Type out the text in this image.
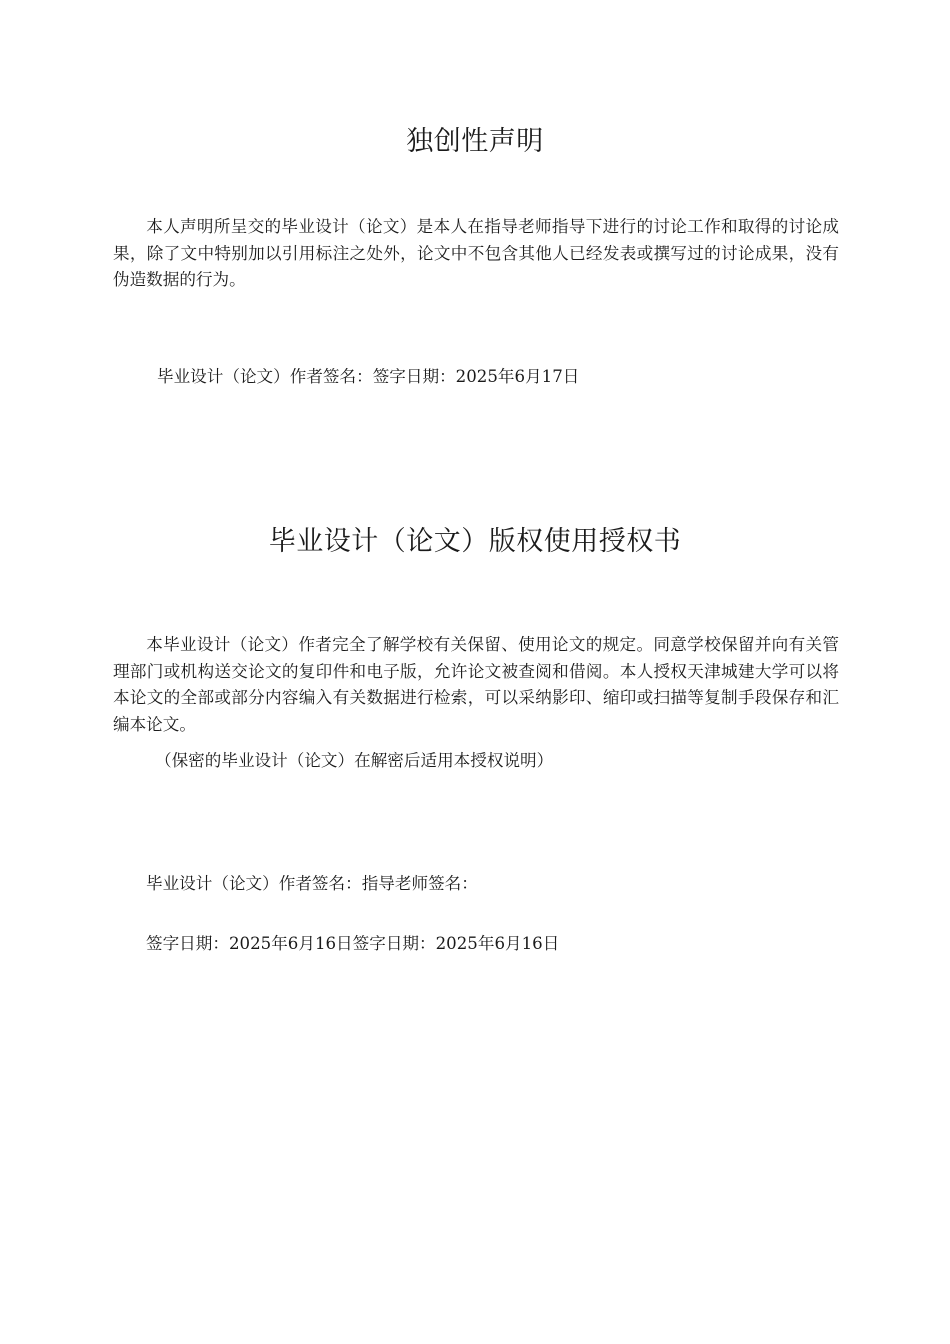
独创性声明

本人声明所呈交的毕业设计（论文）是本人在指导老师指导下进行的讨论工作和取得的讨论成果，除了文中特别加以引用标注之处外，论文中不包含其他人已经发表或撰写过的讨论成果，没有伪造数据的行为。

毕业设计（论文）作者签名：签字日期：2025年6月17日
毕业设计（论文）版权使用授权书

本毕业设计（论文）作者完全了解学校有关保留、使用论文的规定。同意学校保留并向有关管理部门或机构送交论文的复印件和电子版，允许论文被查阅和借阅。本人授权天津城建大学可以将本论文的全部或部分内容编入有关数据进行检索，可以采纳影印、缩印或扫描等复制手段保存和汇编本论文。

（保密的毕业设计（论文）在解密后适用本授权说明）
毕业设计（论文）作者签名：指导老师签名：
签字日期：2025年6月16日签字日期：2025年6月16日
